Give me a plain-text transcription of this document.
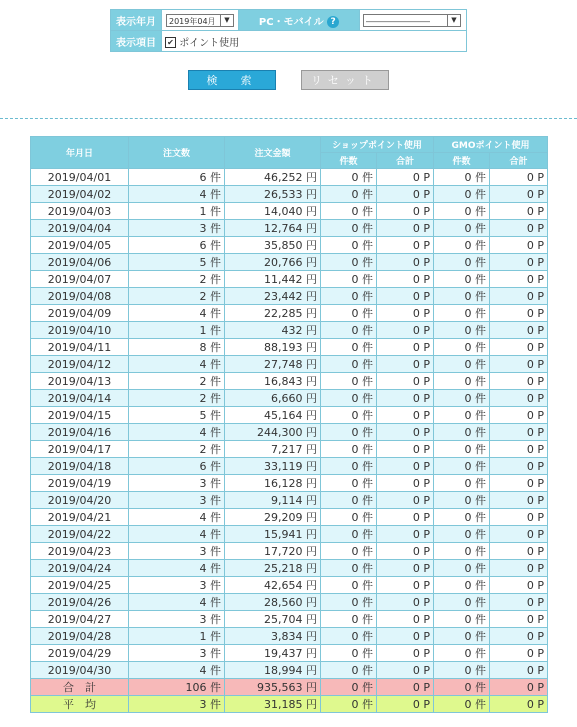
表示年月	2019年04月 ▼	PC・モバイル ?	―――――――― ▼

表示項目	✔ ポイント使用		
検　索	リセット
年月日	注文数	注文金額	ショップポイント使用		GMOポイント使用	
			件数	合計	件数	合計
2019/04/01	6 件	46,252 円	0 件	0 P	0 件	0 P
2019/04/02	4 件	26,533 円	0 件	0 P	0 件	0 P
2019/04/03	1 件	14,040 円	0 件	0 P	0 件	0 P
2019/04/04	3 件	12,764 円	0 件	0 P	0 件	0 P
2019/04/05	6 件	35,850 円	0 件	0 P	0 件	0 P
2019/04/06	5 件	20,766 円	0 件	0 P	0 件	0 P
2019/04/07	2 件	11,442 円	0 件	0 P	0 件	0 P
2019/04/08	2 件	23,442 円	0 件	0 P	0 件	0 P
2019/04/09	4 件	22,285 円	0 件	0 P	0 件	0 P
2019/04/10	1 件	432 円	0 件	0 P	0 件	0 P
2019/04/11	8 件	88,193 円	0 件	0 P	0 件	0 P
2019/04/12	4 件	27,748 円	0 件	0 P	0 件	0 P
2019/04/13	2 件	16,843 円	0 件	0 P	0 件	0 P
2019/04/14	2 件	6,660 円	0 件	0 P	0 件	0 P
2019/04/15	5 件	45,164 円	0 件	0 P	0 件	0 P
2019/04/16	4 件	244,300 円	0 件	0 P	0 件	0 P
2019/04/17	2 件	7,217 円	0 件	0 P	0 件	0 P
2019/04/18	6 件	33,119 円	0 件	0 P	0 件	0 P
2019/04/19	3 件	16,128 円	0 件	0 P	0 件	0 P
2019/04/20	3 件	9,114 円	0 件	0 P	0 件	0 P
2019/04/21	4 件	29,209 円	0 件	0 P	0 件	0 P
2019/04/22	4 件	15,941 円	0 件	0 P	0 件	0 P
2019/04/23	3 件	17,720 円	0 件	0 P	0 件	0 P
2019/04/24	4 件	25,218 円	0 件	0 P	0 件	0 P
2019/04/25	3 件	42,654 円	0 件	0 P	0 件	0 P
2019/04/26	4 件	28,560 円	0 件	0 P	0 件	0 P
2019/04/27	3 件	25,704 円	0 件	0 P	0 件	0 P
2019/04/28	1 件	3,834 円	0 件	0 P	0 件	0 P
2019/04/29	3 件	19,437 円	0 件	0 P	0 件	0 P
2019/04/30	4 件	18,994 円	0 件	0 P	0 件	0 P
合　計	106 件	935,563 円	0 件	0 P	0 件	0 P
平　均	3 件	31,185 円	0 件	0 P	0 件	0 P
